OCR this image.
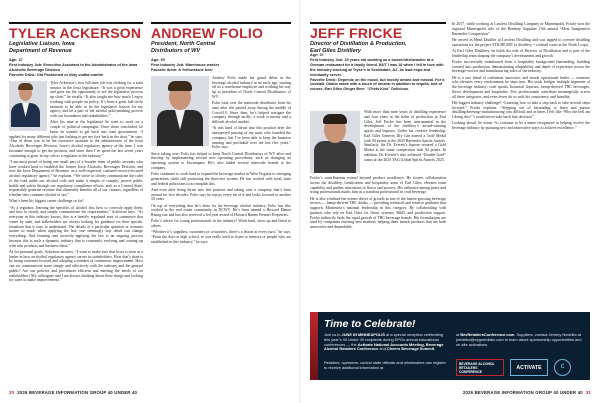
TYLER ACKERSON
Legislative Liaison, Iowa
Department of Revenue
Age: 37
First Industry Job: Executive Assistant to the Administrator of the Iowa Alcoholic Beverage Division
Favorite Drink: Old Fashioned or dirty vodka martini

Tyler Ackerson’s first full-time job was clerking for a state senator in the Iowa legislature. “It was a great experience and gave me the opportunity to see the legislative process up close,” he recalls. “It also taught me how much I enjoy working with people on policy. It’s been a great full-circle moment to be able to be the legislative liaison for my agency and be a part of the alcohol policymaking process with our lawmakers and stakeholders.”

After his time at the legislature he went to work on a couple of political campaigns. Once those concluded, he knew he wanted to get back into state government. “I applied for many different jobs just looking to get my foot back in the door,” he says. “One of those was to be the executive assistant to the administrator of the Iowa Alcoholic Beverages Division, Iowa’s alcohol regulatory agency at the time. I was fortunate enough to get the position, and since then I’ve spent the last seven years continuing to grow in my role as a regulator in the industry.”

“I am most proud of being one small part of a broader team of public servants who have worked hard to establish the former Iowa Alcoholic Beverages Division, and now the Iowa Department of Revenue, as a well-respected, customer-service-focused alcohol regulatory agency,” he explains. “We strive to clearly communicate the rules of the road under our alcohol code and make it simple to comply; protect public health and safety through our regulatory compliance efforts; and, as a Control State, responsibly generate revenue that ultimately benefits all of our citizens, regardless of whether they consume alcohol or not.”

What’s been his biggest career challenge so far?

“As a regulator, learning the specifics of alcohol law, how to correctly apply them, and how to clearly and simply communicate the requirements,” Ackerson says. “As everyone in this industry knows, this is a heavily regulated area of commerce that varies by state, and stakeholders are always looking for guidance for their specific situations that is easy to understand. The details of a particular question or scenario matter so much when applying the law; one seemingly tiny detail can change everything. And learning and correctly applying the law is an ongoing process because this is such a dynamic industry that is constantly evolving and coming up with new products and business ideas.”

As for personal goals, Ackerson answers, “I want to make sure that Iowa is seen as a leader in how an alcohol regulatory agency serves its stakeholders. How that’s done is by being customer-focused and adopting a mindset of continuous improvement. How can we communicate more simply and effectively with the industry and the general public? Are our policies and procedures efficient and meeting the needs of our stakeholders? My colleagues and I are always thinking about these things and looking for ways to make improvements.”

ANDREW FOLIO
President, North Central
Distributors of WV
Age: 39
First Industry Job: Warehouse worker
Favorite drink: A Yellowstone beer

Andrew Folio made his grand debut in the beverage alcohol industry at an early age, starting off as a warehouse employee and working his way up to president of North Central Distributors of WV.

Folio took over the statewide distributor from his aunt after she passed away during the middle of Covid-19. Since then, he’s helped navigate the company through tariffs, a weak economy and a difficult alcohol market.

“It was kind of thrust into this position after the unexpected passing of my aunt, who founded the company, but I’ve been able to keep the business running and profitable over the last five years,” Folio says.

Since taking over, Folio has helped to keep North Central Distributors of WV alive and thriving by implementing several new operating procedures, such as changing its operating system to Encompass. He’s also added several statewide brands to the company.

Folio continues to work hard to expand the beverage market in West Virginia to emerging generations while still protecting the three-tier system. He has worked with local, state and federal politicians to accomplish this.

And even after being thrust into this position and taking over a company that’s been around for five decades, Folio says he enjoys every bit of it and looks forward to another 50 years.

On top of everything that he’s done for the beverage alcohol industry, Folio has also worked in the real estate community in NCWV. He’s been named a Howard Hanna Rising star and has also received a 3rd year award of Howard Hanna Premier Properties.

Folio’s advice for young professionals in the industry? Work hard, show up and listen to others.

“Whether it’s suppliers, customers or coworkers, there’s a lesson at every turn,” he says. “From the days at high school, so you really need to listen to mentors or people who are established in this industry,” he says.

JEFF FRICKE
Director of Distillation & Production,
Earl Giles Distillery
Age: 37
First Industry Job: 15 years old working as a busser/dishwasher at a German restaurant for a family friend. BUT I was 18 when I fell in love with the industry working at Tryke’s in Scottsdale, AZ, as lead expo and eventually server.
Favorite Drink: Depends on the mood, but mostly amaro and mezcal. For a cocktail, Diablo made with a touch of mezcal in addition to tequila, and of course, Earl Giles Ginger Beer. “Chefs Kiss” Delicious.

With more than nine years of distilling experience and four years at the helm of production at Earl Giles, Jeff Fricke has been instrumental in the development of the distillery’s award-winning spirits and liqueurs. Under his creative leadership, Earl Giles Genever Dry Gin earned a Gold Medal with 94 points at the 2025 Bartender Spirits Awards. Similarly, the Dr. Everett’s liquore secured a Gold Medal at the same competition with 92 points. In addition, Dr. Everett’s also achieved “Double Gold” status at the 2025 TAG Global Spirits Awards 2025.

Fricke’s contributions extend beyond product excellence. He fosters collaboration across the distillery, fortification and hospitality arms of Earl Giles, elevates team capability and pushes innovation in flavor and process. His influence among peers and rising professionals marks him as a standout professional in craft beverage.

He is also a behind-the-scenes driver of growth in one of the fastest-growing beverage sectors — hemp-derived THC drinks — providing technical and creative guidance that supports Minnesota’s national leadership in this category. By collaborating with partners who rely on Earl Giles for flavor systems, R&D, and production support, Fricke indirectly fuels the rapid growth of THC beverage brands. His formulations are used by companies entering new markets, helping them launch products that are both innovative and dependable.

In 2017, while working at Lawless Distilling Company in Minneapolis, Fricke won the regional Minneapolis title of the Bombay Sapphire 15th annual “Most Imaginative Bartender Competition”.

He served as Head Distiller at Lawless Distilling and was tapped to oversee distilling operations for the project STILHEART (a distillery + cocktail room in the North Loop).

At Earl Giles Distillery, he holds the title of Director of Distillation and is part of the leadership team shaping the company’s development and growth.

Fricke successfully transitioned from a hospitality background (bartending, building venues) into production, demonstrating adaptability and depth of experience across the beverage-service and manufacturing sides of the industry.

He is a rare blend of craftsman, innovator, and steady operational leader — someone who elevates every environment he steps into. His work bridges multiple segments of the beverage industry: craft spirits, botanical liqueurs, hemp-derived THC beverages, flavor development and hospitality. Few professionals contribute meaningfully across all these categories, and even fewer do so with his consistency and humility.

His biggest industry challenge? “Learning how to take a step back to take several steps forward,” Fricke explains. “Stepping out of bartending to learn and pursue distilling/beverage manufacturing was difficult and at times I felt like ‘Why the hell am I doing this?’ I would never take back that decision.”

Looking ahead, he wants “to continue to be a name recognized in helping evolve the beverage industry by pursuing new and innovative ways to achieve excellence.”

Time to Celebrate!
Join us in JUNE IN MINNEAPOLIS at a special reception celebrating this year’s 40 Under 40 recipients during EPGs annual educational conferences — the Activate National Accounts Meeting, Beverage Alcohol Retailers Conference and Cheers Beverage Summit.
Retailers, operators, control state officials and wholesalers can register to receive additional information at
at BevRetailersConference.com. Suppliers, contact Jeremy Nedelka at jnedelka@epgmediallc.com to learn about sponsorship opportunities and on-site activations.
BEVERAGE ALCOHOL RETAILERS CONFERENCE
ACTIVATE	C
30 2026 BEVERAGE INFORMATION GROUP 40 UNDER 40	2026 BEVERAGE INFORMATION GROUP 40 UNDER 40 31
